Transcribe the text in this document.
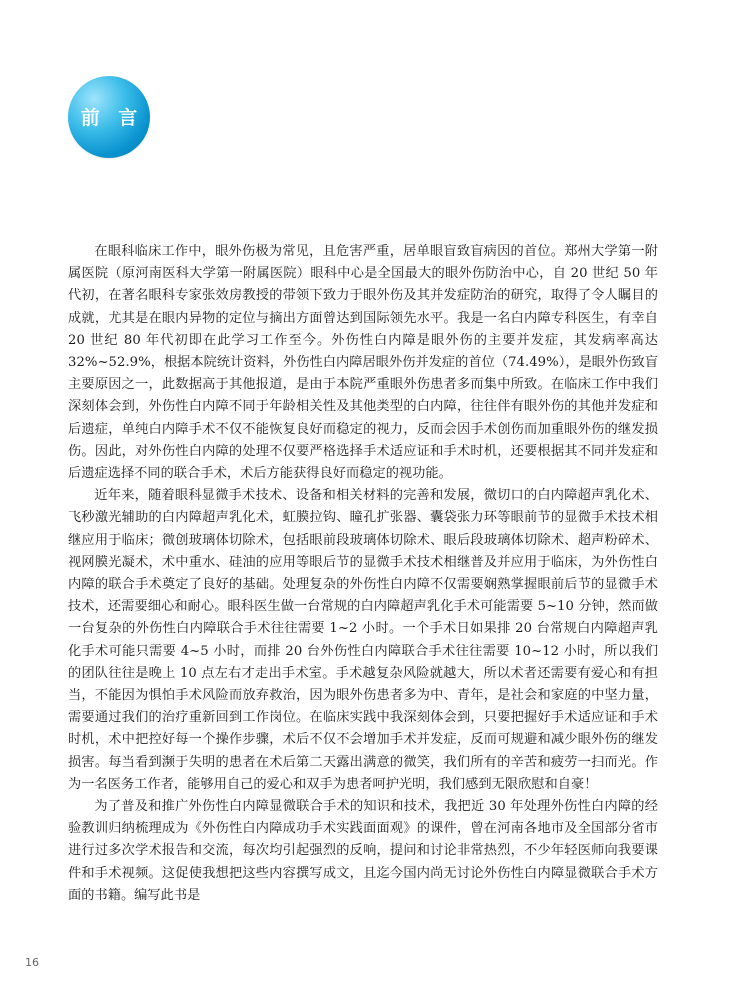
前 言

在眼科临床工作中，眼外伤极为常见，且危害严重，居单眼盲致盲病因的首位。郑州大学第一附属医院（原河南医科大学第一附属医院）眼科中心是全国最大的眼外伤防治中心，自 20 世纪 50 年代初，在著名眼科专家张效房教授的带领下致力于眼外伤及其并发症防治的研究，取得了令人瞩目的成就，尤其是在眼内异物的定位与摘出方面曾达到国际领先水平。我是一名白内障专科医生，有幸自 20 世纪 80 年代初即在此学习工作至今。外伤性白内障是眼外伤的主要并发症，其发病率高达32%~52.9%，根据本院统计资料，外伤性白内障居眼外伤并发症的首位（74.49%），是眼外伤致盲主要原因之一，此数据高于其他报道，是由于本院严重眼外伤患者多而集中所致。在临床工作中我们深刻体会到，外伤性白内障不同于年龄相关性及其他类型的白内障，往往伴有眼外伤的其他并发症和后遗症，单纯白内障手术不仅不能恢复良好而稳定的视力，反而会因手术创伤而加重眼外伤的继发损伤。因此，对外伤性白内障的处理不仅要严格选择手术适应证和手术时机，还要根据其不同并发症和后遗症选择不同的联合手术，术后方能获得良好而稳定的视功能。

近年来，随着眼科显微手术技术、设备和相关材料的完善和发展，微切口的白内障超声乳化术、飞秒激光辅助的白内障超声乳化术，虹膜拉钩、瞳孔扩张器、囊袋张力环等眼前节的显微手术技术相继应用于临床；微创玻璃体切除术，包括眼前段玻璃体切除术、眼后段玻璃体切除术、超声粉碎术、视网膜光凝术，术中重水、硅油的应用等眼后节的显微手术技术相继普及并应用于临床，为外伤性白内障的联合手术奠定了良好的基础。处理复杂的外伤性白内障不仅需要娴熟掌握眼前后节的显微手术技术，还需要细心和耐心。眼科医生做一台常规的白内障超声乳化手术可能需要 5~10 分钟，然而做一台复杂的外伤性白内障联合手术往往需要 1~2 小时。一个手术日如果排 20 台常规白内障超声乳化手术可能只需要 4~5 小时，而排 20 台外伤性白内障联合手术往往需要 10~12 小时，所以我们的团队往往是晚上 10 点左右才走出手术室。手术越复杂风险就越大，所以术者还需要有爱心和有担当，不能因为惧怕手术风险而放弃救治，因为眼外伤患者多为中、青年，是社会和家庭的中坚力量，需要通过我们的治疗重新回到工作岗位。在临床实践中我深刻体会到，只要把握好手术适应证和手术时机，术中把控好每一个操作步骤，术后不仅不会增加手术并发症，反而可规避和减少眼外伤的继发损害。每当看到濒于失明的患者在术后第二天露出满意的微笑，我们所有的辛苦和疲劳一扫而光。作为一名医务工作者，能够用自己的爱心和双手为患者呵护光明，我们感到无限欣慰和自豪！

为了普及和推广外伤性白内障显微联合手术的知识和技术，我把近 30 年处理外伤性白内障的经验教训归纳梳理成为《外伤性白内障成功手术实践面面观》的课件，曾在河南各地市及全国部分省市进行过多次学术报告和交流，每次均引起强烈的反响，提问和讨论非常热烈，不少年轻医师向我要课件和手术视频。这促使我想把这些内容撰写成文，且迄今国内尚无讨论外伤性白内障显微联合手术方面的书籍。编写此书是

16
